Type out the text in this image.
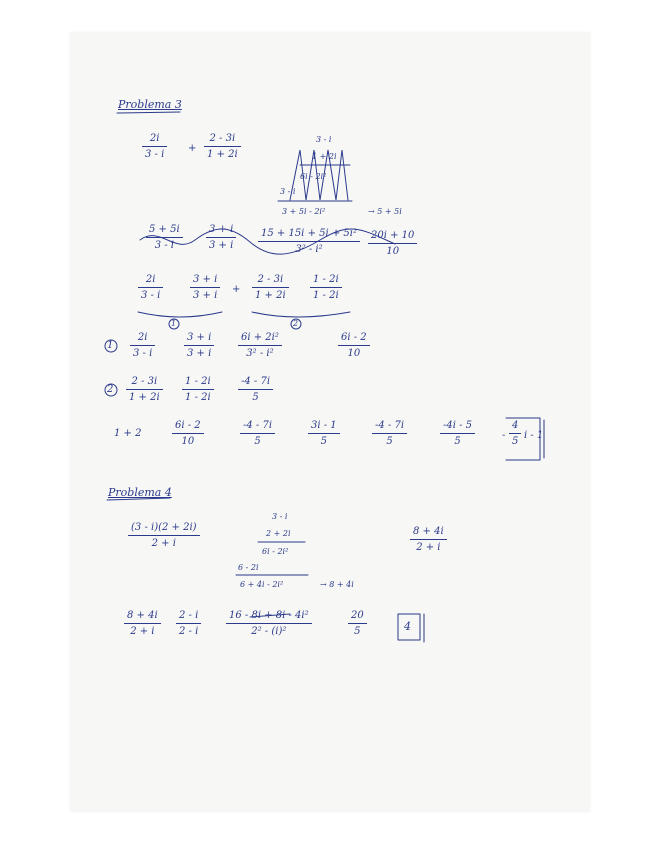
Problema 3
2i
3 - i
+
2 - 3i
1 + 2i
3 - i
1 + 2i
6i - 2i²
3 - i
3 + 5i - 2i²	→ 5 + 5i
5 + 5i
3 - i
3 + i
3 + i
15 + 15i + 5i + 5i²
3² - i²
20i + 10
10
2i
3 - i
3 + i
3 + i
+
2 - 3i
1 + 2i
1 - 2i
1 - 2i
1	2
1
2i
3 - i
3 + i
3 + i
6i + 2i²
3² - i²
6i - 2
10
2
2 - 3i
1 + 2i
1 - 2i
1 - 2i
-4 - 7i
5
1 + 2
6i - 2
10
-4 - 7i
5
3i - 1
5
-4 - 7i
5
-4i - 5
5
-
4
5
i - 1
Problema 4
(3 - i)(2 + 2i)
2 + i
3 - i
2 + 2i
6i - 2i²
6 - 2i
6 + 4i - 2i²	→ 8 + 4i
8 + 4i
2 + i
8 + 4i
2 + i
2 - i
2 - i
16 - 8i + 8i - 4i²
2² - (i)²
20
5	4
